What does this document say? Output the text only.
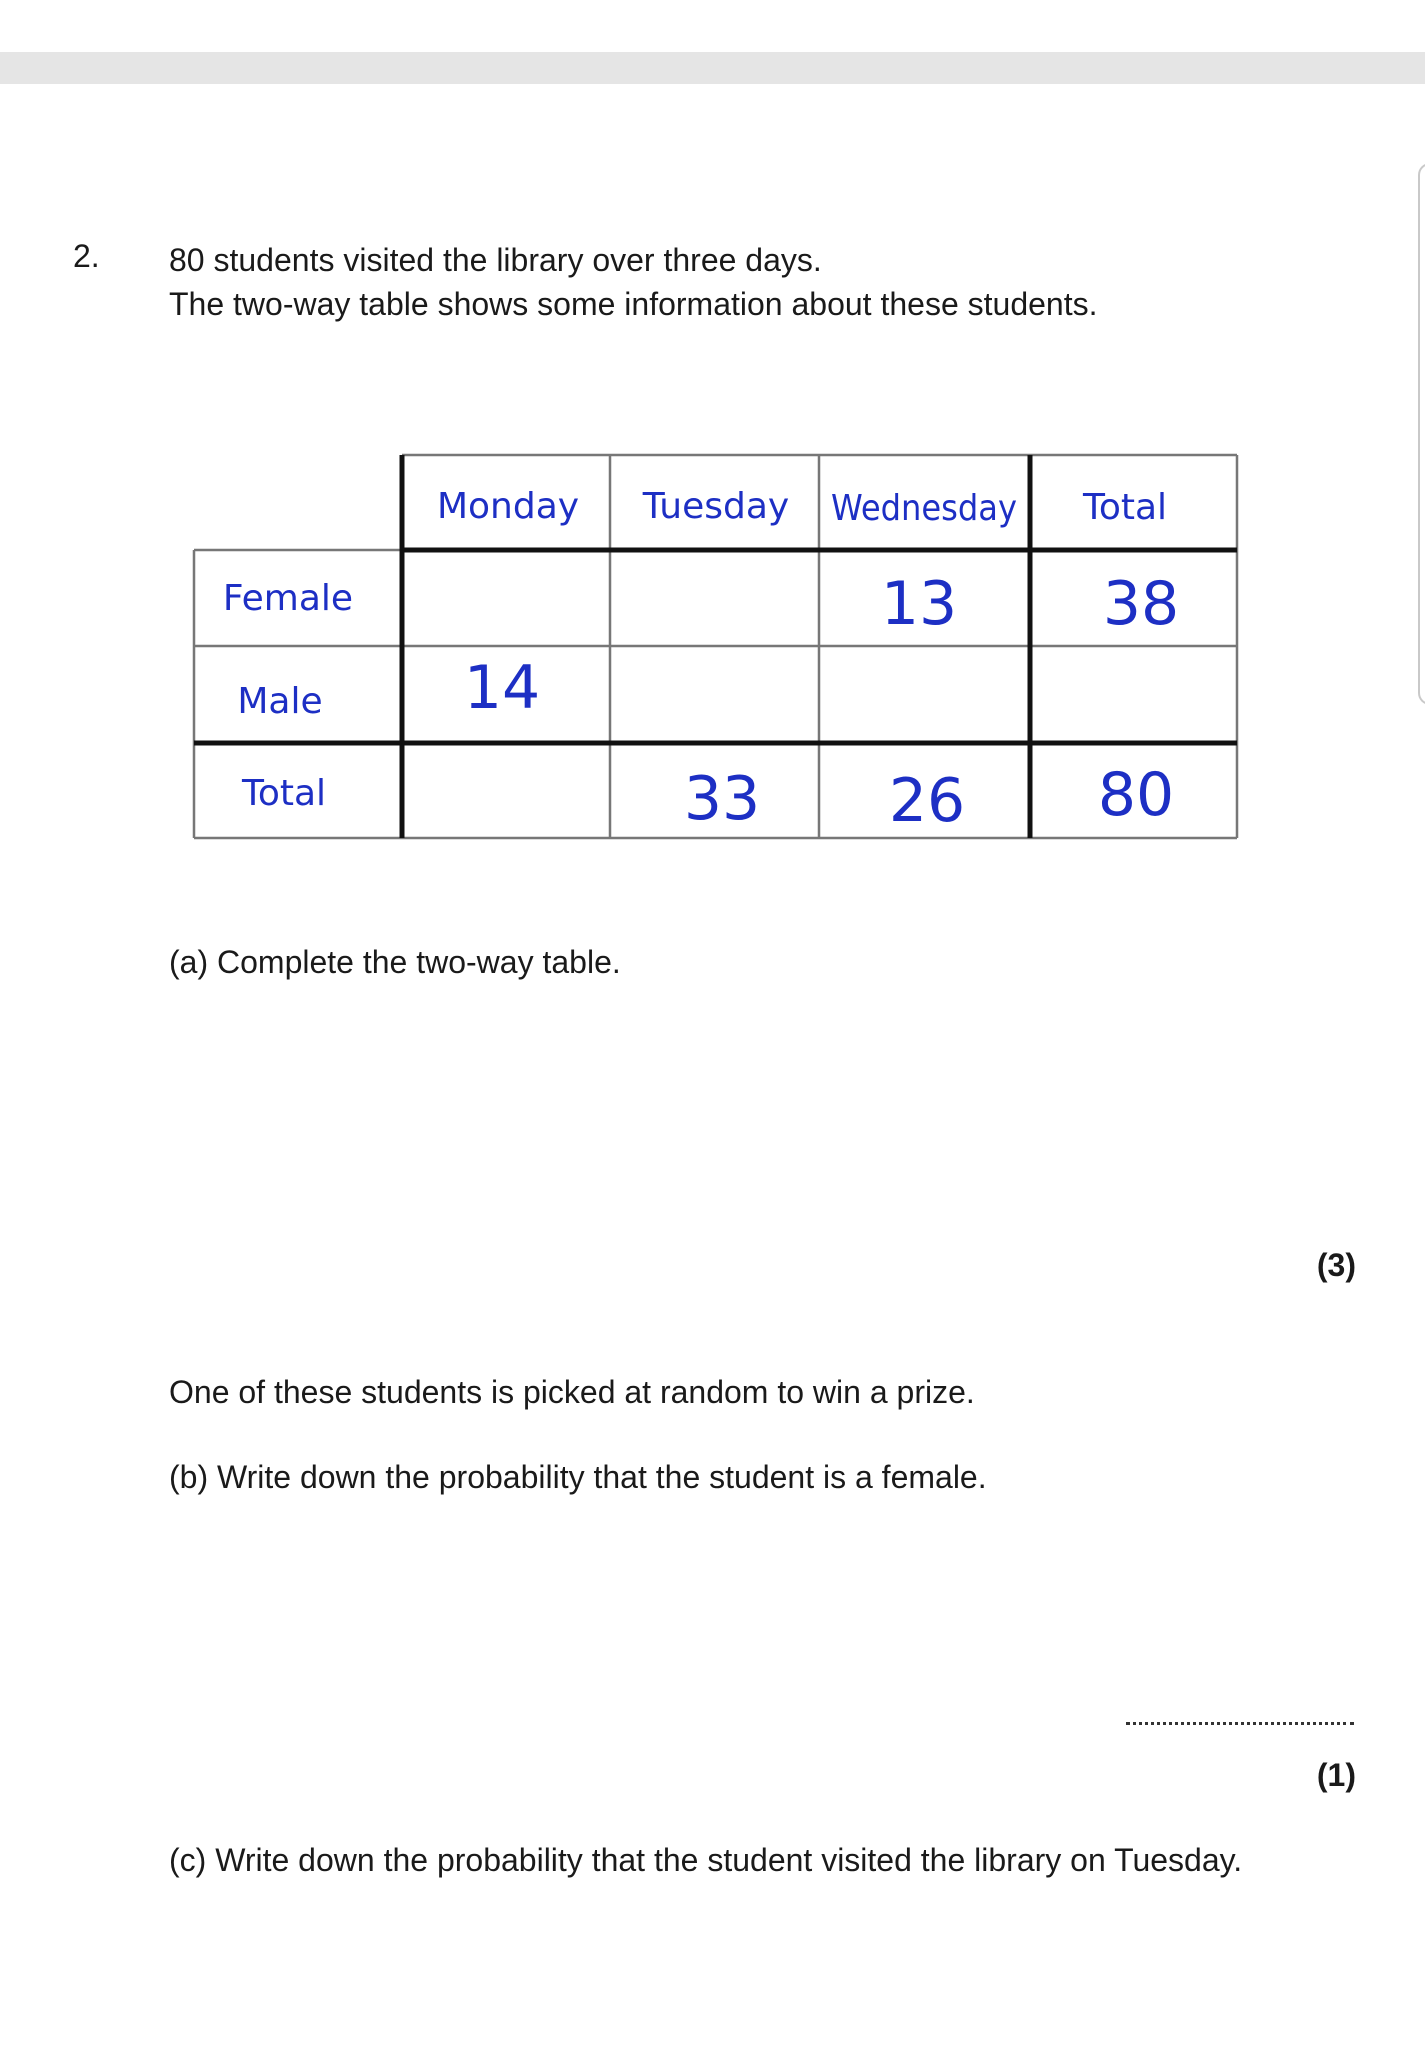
2. 80 students visited the library over three days.
The two-way table shows some information about these students.
Monday Tuesday Wednesday Total
Female
Male
Total
13 38
14
33 26 80
(a) Complete the two-way table.
(3)
One of these students is picked at random to win a prize.
(b) Write down the probability that the student is a female.
(1)
(c) Write down the probability that the student visited the library on Tuesday.
